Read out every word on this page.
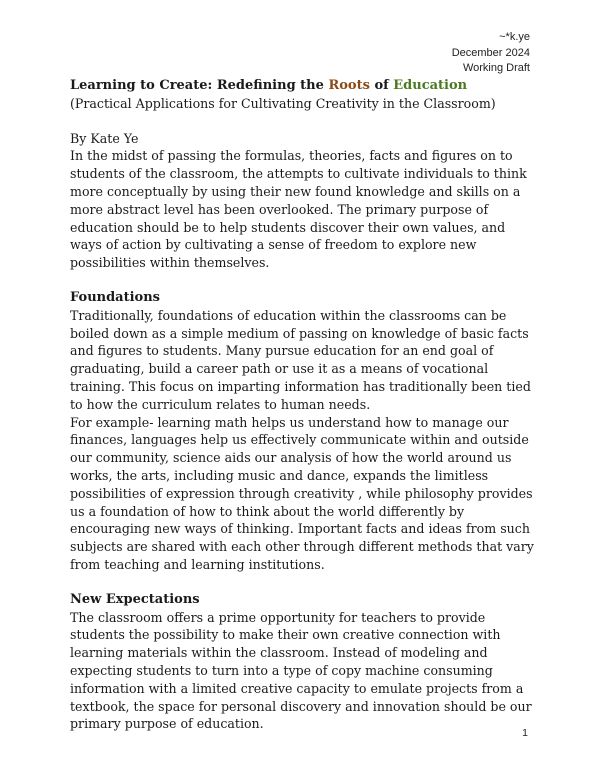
~*k.ye
December 2024
Working Draft

Learning to Create: Redefining the Roots of Education

(Practical Applications for Cultivating Creativity in the Classroom)

By Kate Ye

In the midst of passing the formulas, theories, facts and figures on to students of the classroom, the attempts to cultivate individuals to think more conceptually by using their new found knowledge and skills on a more abstract level has been overlooked. The primary purpose of education should be to help students discover their own values, and ways of action by cultivating a sense of freedom to explore new possibilities within themselves.

Foundations

Traditionally, foundations of education within the classrooms can be boiled down as a simple medium of passing on knowledge of basic facts and figures to students. Many pursue education for an end goal of graduating, build a career path or use it as a means of vocational training. This focus on imparting information has traditionally been tied to how the curriculum relates to human needs.

For example- learning math helps us understand how to manage our finances, languages help us effectively communicate within and outside our community, science aids our analysis of how the world around us works, the arts, including music and dance, expands the limitless possibilities of expression through creativity , while philosophy provides us a foundation of how to think about the world differently by encouraging new ways of thinking. Important facts and ideas from such subjects are shared with each other through different methods that vary from teaching and learning institutions.

New Expectations

The classroom offers a prime opportunity for teachers to provide students the possibility to make their own creative connection with learning materials within the classroom. Instead of modeling and expecting students to turn into a type of copy machine consuming information with a limited creative capacity to emulate projects from a textbook, the space for personal discovery and innovation should be our primary purpose of education.

1
